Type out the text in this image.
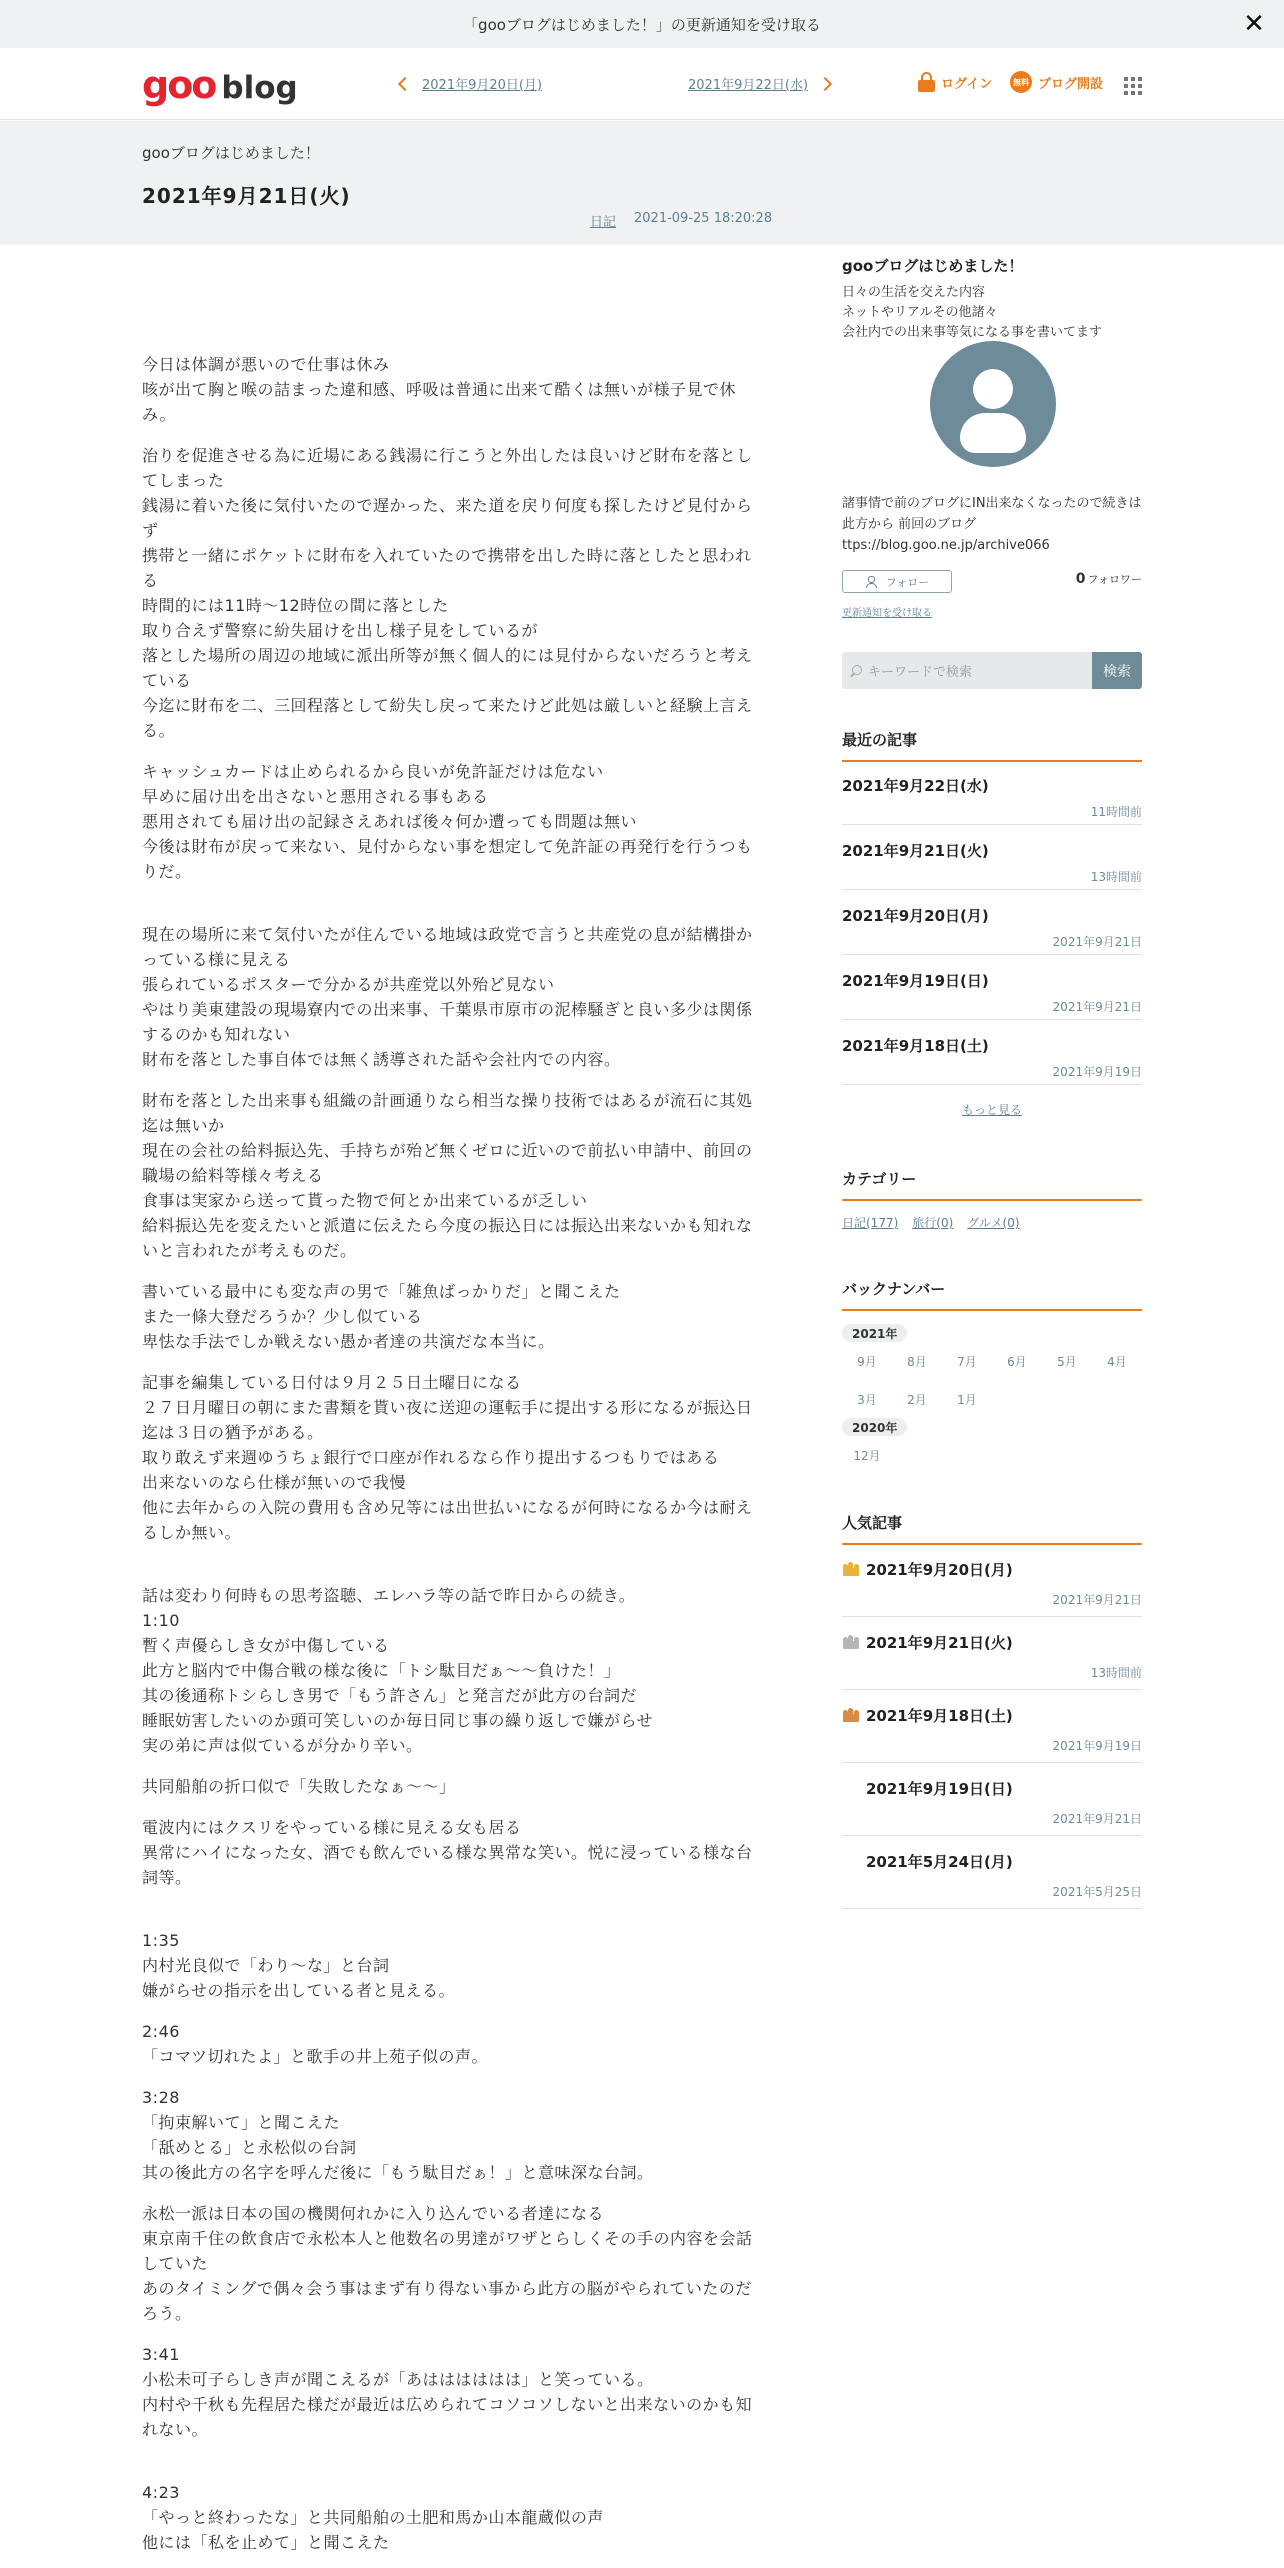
「gooブログはじめました！」の更新通知を受け取る	✕
goo blog	2021年9月20日(月)	2021年9月22日(水)	ログイン	無料 ブログ開設
gooブログはじめました！
2021年9月21日(火)
日記 2021-09-25 18:20:28

今日は体調が悪いので仕事は休み
咳が出て胸と喉の詰まった違和感、呼吸は普通に出来て酷くは無いが様子見で休み。

治りを促進させる為に近場にある銭湯に行こうと外出したは良いけど財布を落としてしまった
銭湯に着いた後に気付いたので遅かった、来た道を戻り何度も探したけど見付からず
携帯と一緒にポケットに財布を入れていたので携帯を出した時に落としたと思われる
時間的には11時～12時位の間に落とした
取り合えず警察に紛失届けを出し様子見をしているが
落とした場所の周辺の地域に派出所等が無く個人的には見付からないだろうと考えている
今迄に財布を二、三回程落として紛失し戻って来たけど此処は厳しいと経験上言える。

キャッシュカードは止められるから良いが免許証だけは危ない
早めに届け出を出さないと悪用される事もある
悪用されても届け出の記録さえあれば後々何か遭っても問題は無い
今後は財布が戻って来ない、見付からない事を想定して免許証の再発行を行うつもりだ。

現在の場所に来て気付いたが住んでいる地域は政党で言うと共産党の息が結構掛かっている様に見える
張られているポスターで分かるが共産党以外殆ど見ない
やはり美東建設の現場寮内での出来事、千葉県市原市の泥棒騒ぎと良い多少は関係するのかも知れない
財布を落とした事自体では無く誘導された話や会社内での内容。

財布を落とした出来事も組織の計画通りなら相当な操り技術ではあるが流石に其処迄は無いか
現在の会社の給料振込先、手持ちが殆ど無くゼロに近いので前払い申請中、前回の職場の給料等様々考える
食事は実家から送って貰った物で何とか出来ているが乏しい
給料振込先を変えたいと派遣に伝えたら今度の振込日には振込出来ないかも知れないと言われたが考えものだ。

書いている最中にも変な声の男で「雑魚ばっかりだ」と聞こえた
また一條大登だろうか？少し似ている
卑怯な手法でしか戦えない愚か者達の共演だな本当に。

記事を編集している日付は９月２５日土曜日になる
２７日月曜日の朝にまた書類を貰い夜に送迎の運転手に提出する形になるが振込日迄は３日の猶予がある。
取り敢えず来週ゆうちょ銀行で口座が作れるなら作り提出するつもりではある
出来ないのなら仕様が無いので我慢
他に去年からの入院の費用も含め兄等には出世払いになるが何時になるか今は耐えるしか無い。

話は変わり何時もの思考盗聴、エレハラ等の話で昨日からの続き。
1:10
暫く声優らしき女が中傷している
此方と脳内で中傷合戦の様な後に「トシ駄目だぁ～～負けた！」
其の後通称トシらしき男で「もう許さん」と発言だが此方の台詞だ
睡眠妨害したいのか頭可笑しいのか毎日同じ事の繰り返しで嫌がらせ
実の弟に声は似ているが分かり辛い。

共同船舶の折口似で「失敗したなぁ～～」

電波内にはクスリをやっている様に見える女も居る
異常にハイになった女、酒でも飲んでいる様な異常な笑い。悦に浸っている様な台詞等。

1:35
内村光良似で「わり～な」と台詞
嫌がらせの指示を出している者と見える。

2:46
「コマツ切れたよ」と歌手の井上苑子似の声。

3:28
「拘束解いて」と聞こえた
「舐めとる」と永松似の台詞
其の後此方の名字を呼んだ後に「もう駄目だぁ！」と意味深な台詞。

永松一派は日本の国の機関何れかに入り込んでいる者達になる
東京南千住の飲食店で永松本人と他数名の男達がワザとらしくその手の内容を会話していた
あのタイミングで偶々会う事はまず有り得ない事から此方の脳がやられていたのだろう。

3:41
小松未可子らしき声が聞こえるが「あはははははは」と笑っている。
内村や千秋も先程居た様だが最近は広められてコソコソしないと出来ないのかも知れない。

4:23
「やっと終わったな」と共同船舶の土肥和馬か山本龍蔵似の声
他には「私を止めて」と聞こえた

gooブログはじめました！
日々の生活を交えた内容
ネットやリアルその他諸々
会社内での出来事等気になる事を書いてます
諸事情で前のブログにIN出来なくなったので続きは此方から 前回のブログ ttps://blog.goo.ne.jp/archive066
フォロー	0 フォロワー
更新通知を受け取る
キーワードで検索	検索
最近の記事
2021年9月22日(水)
11時間前
2021年9月21日(火)
13時間前
2021年9月20日(月)
2021年9月21日
2021年9月19日(日)
2021年9月21日
2021年9月18日(土)
2021年9月19日
もっと見る
カテゴリー
日記(177) 旅行(0) グルメ(0)
バックナンバー
2021年
9月	8月	7月	6月	5月	4月
3月	2月	1月
2020年
12月
人気記事
2021年9月20日(月)
2021年9月21日
2021年9月21日(火)
13時間前
2021年9月18日(土)
2021年9月19日
2021年9月19日(日)
2021年9月21日
2021年5月24日(月)
2021年5月25日
